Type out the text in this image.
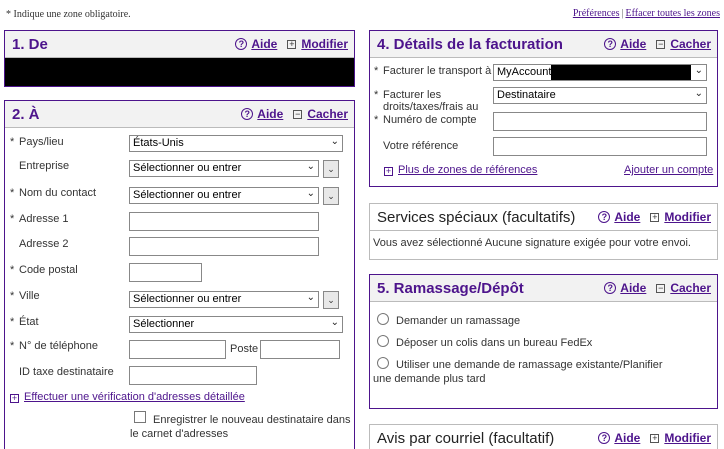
* Indique une zone obligatoire.	Préférences | Effacer toutes les zones
1. De	? Aide + Modifier
2. À	? Aide − Cacher
* Pays/lieu	États-Unis	⌄
Entreprise	Sélectionner ou entrer	⌄	⌄
* Nom du contact	Sélectionner ou entrer	⌄	⌄
* Adresse 1
Adresse 2
* Code postal
* Ville	Sélectionner ou entrer	⌄	⌄
* État	Sélectionner	⌄
* N° de téléphone	Poste
ID taxe destinataire
+ Effectuer une vérification d'adresses détaillée
Enregistrer le nouveau destinataire dans
le carnet d'adresses
4. Détails de la facturation	? Aide − Cacher
* Facturer le transport à MyAccount	⌄
* Facturer les
droits/taxes/frais au
Destinataire	⌄
* Numéro de compte
Votre référence
+ Plus de zones de références	Ajouter un compte
Services spéciaux (facultatifs)	? Aide + Modifier
Vous avez sélectionné Aucune signature exigée pour votre envoi.
5. Ramassage/Dépôt	? Aide − Cacher
Demander un ramassage
Déposer un colis dans un bureau FedEx
Utiliser une demande de ramassage existante/Planifier
une demande plus tard
Avis par courriel (facultatif)	? Aide + Modifier
